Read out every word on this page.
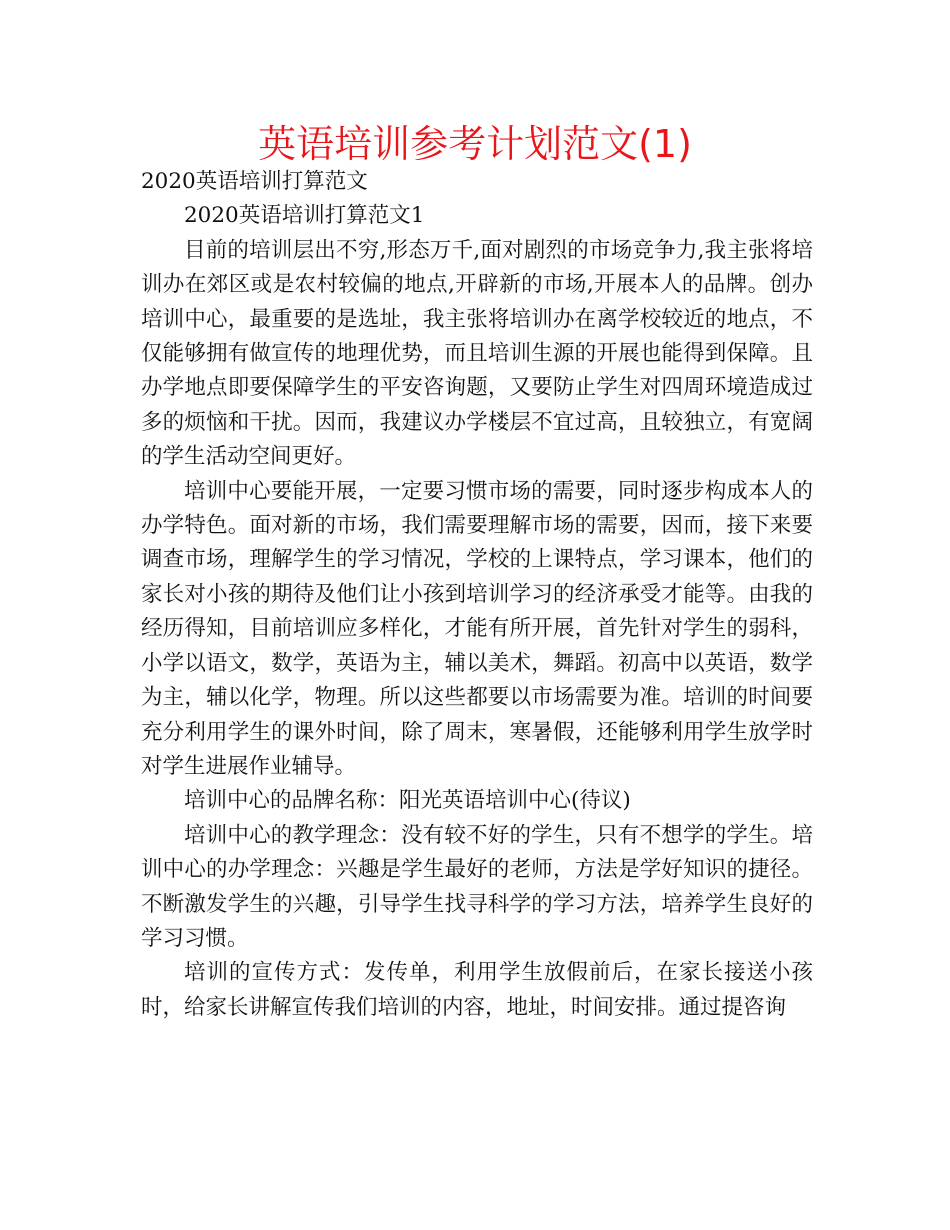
英语培训参考计划范文(1)

2020英语培训打算范文

2020英语培训打算范文1

目前的培训层出不穷,形态万千,面对剧烈的市场竞争力,我主张将培训办在郊区或是农村较偏的地点,开辟新的市场,开展本人的品牌。创办培训中心，最重要的是选址，我主张将培训办在离学校较近的地点，不仅能够拥有做宣传的地理优势，而且培训生源的开展也能得到保障。且办学地点即要保障学生的平安咨询题，又要防止学生对四周环境造成过多的烦恼和干扰。因而，我建议办学楼层不宜过高，且较独立，有宽阔的学生活动空间更好。

培训中心要能开展，一定要习惯市场的需要，同时逐步构成本人的办学特色。面对新的市场，我们需要理解市场的需要，因而，接下来要调查市场，理解学生的学习情况，学校的上课特点，学习课本，他们的家长对小孩的期待及他们让小孩到培训学习的经济承受才能等。由我的经历得知，目前培训应多样化，才能有所开展，首先针对学生的弱科，小学以语文，数学，英语为主，辅以美术，舞蹈。初高中以英语，数学为主，辅以化学，物理。所以这些都要以市场需要为准。培训的时间要充分利用学生的课外时间，除了周末，寒暑假，还能够利用学生放学时对学生进展作业辅导。

培训中心的品牌名称：阳光英语培训中心(待议)

培训中心的教学理念：没有较不好的学生，只有不想学的学生。培训中心的办学理念：兴趣是学生最好的老师，方法是学好知识的捷径。不断激发学生的兴趣，引导学生找寻科学的学习方法，培养学生良好的学习习惯。

培训的宣传方式：发传单，利用学生放假前后，在家长接送小孩时，给家长讲解宣传我们培训的内容，地址，时间安排。通过提咨询
